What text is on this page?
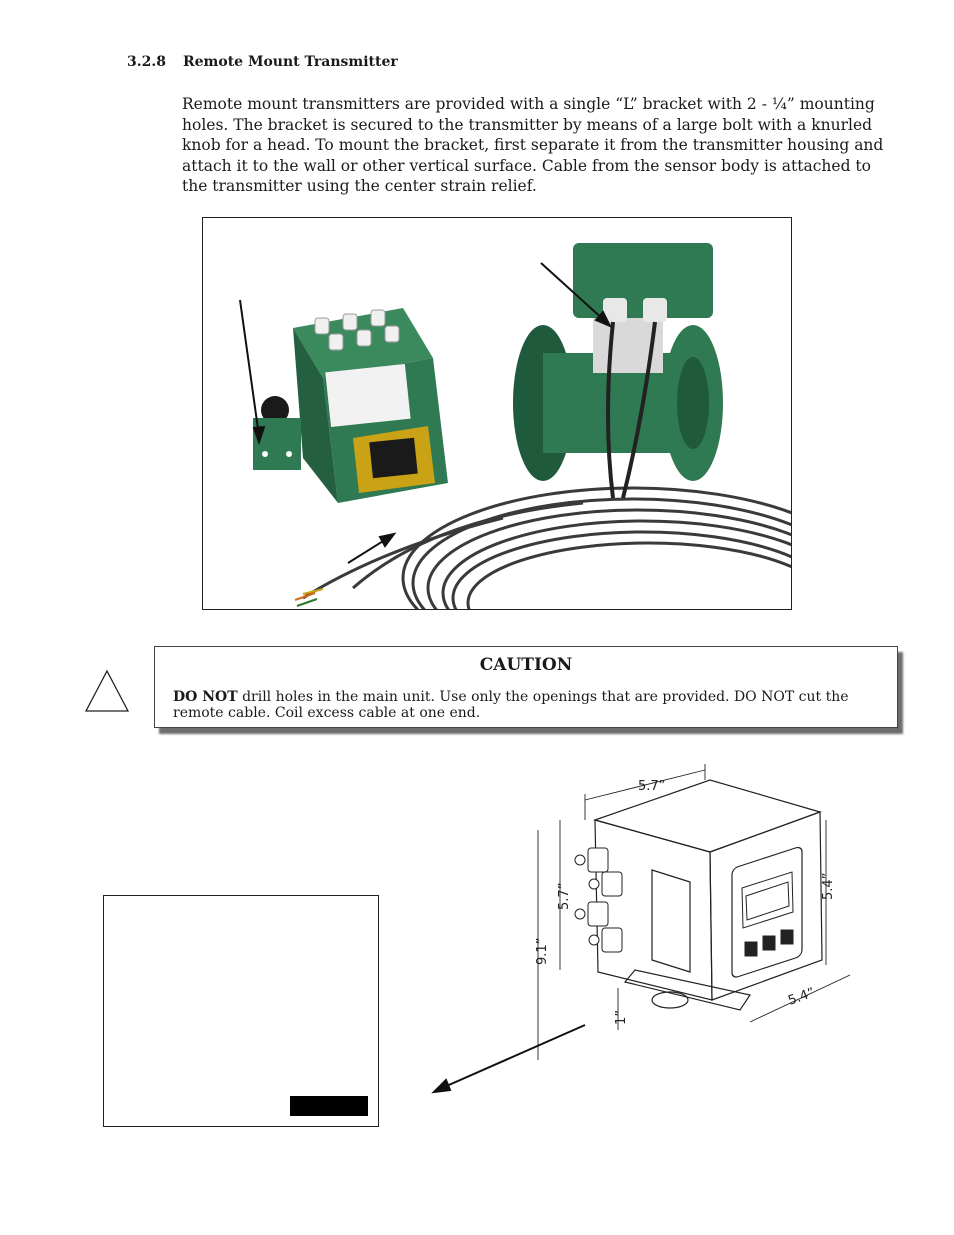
3.2.8 Remote Mount Transmitter

Remote mount transmitters are provided with a single “L” bracket with 2 - ¼” mounting holes. The bracket is secured to the transmitter by means of a large bolt with a knurled knob for a head. To mount the bracket, first separate it from the transmitter housing and attach it to the wall or other vertical surface. Cable from the sensor body is attached to the transmitter using the center strain relief.

CAUTION
DO NOT drill holes in the main unit. Use only the openings that are provided. DO NOT cut the remote cable. Coil excess cable at one end.
5.7”
5.4”
5.7”
9.1”
5.4”
1”
